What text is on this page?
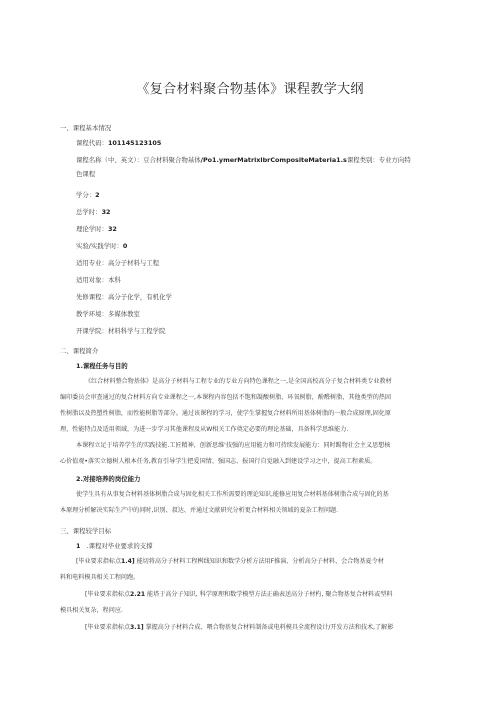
《复合材料聚合物基体》课程教学大纲
一、课程基本情况
课程代码：101145123105
课程名称（中、英文）：豆合材料聚合物基体/Po1.ymerMatrixlbrCompositeMateria1.s课程类别：专业方向特
色课程
学分：2
总学时：32
理论学时：32
实验/实践学时：0
适用专业：高分子材料与工程
适用对象：本科
先修课程：高分子化学，有机化学
教学环境：多媒体教室
开课学院：材料科学与工程学院
二、课程简介
1.课程任务与目的
《红合材料整合物基体》是高分子材料与工程专业的专业方向特色课程之一,是全国高校高分子复合材料类专业教材
编印委员会审查通过的复合材料方向专业课程之一,本课程内容包括不饱和凝酸树脂，环氧树脂，酚醛树脂，其他类型的热固
性树脂以及热塑性树脂，而性能树脂等部分。通过该课程的学习，使学生掌握复合材料所用基体树脂的一般合成原理,固化原
理，性能特点及适用领域，为进一步学习其他课程及从W相关工作奠定必要的理论基础，具备科学思维能力.
本课程立足于培养学生的实践技能.工匠精神，创新思维'技强的应用能力和可持续发展能力：同时踢物社会主义思想核
心价值观•落实立德树人根本任务,教育引导学生把爱国情、强国志、报国行自觉融入到建设学习之中，提高工程素质。
2.对接培养的岗位能力
使学生具有从事复合材料基体树脂合成与固化相关工作所需要的理论知识,能修应用复合材料基体树脂合成与固化的基
本原理分析解决实际生产中的问时,识别、叔达、并通过文献研究分析更合材料相关领域的夏杂工程问题.
三、课程较学目标
1 .课程对毕业要求的支撑
[毕业要求指标点1.4] 能切将高分子材料工程桝线知识和数学分析方法用F推演、分析高分子材料、会合物基夏令材
料和电料模具相关工程问跑。
[毕业要求指标点2.21 能塔于高分子知识, 科学原理和数学模型方法正确表送高分子材杓, 聚合物基复合材料或型料
模具相关复杂，程问应.
[毕业要求指标点3.1] 掌握高分子材料合成、喂合物基复合材料制备或电料模具全流程设计/开发方法和技术,了解影
